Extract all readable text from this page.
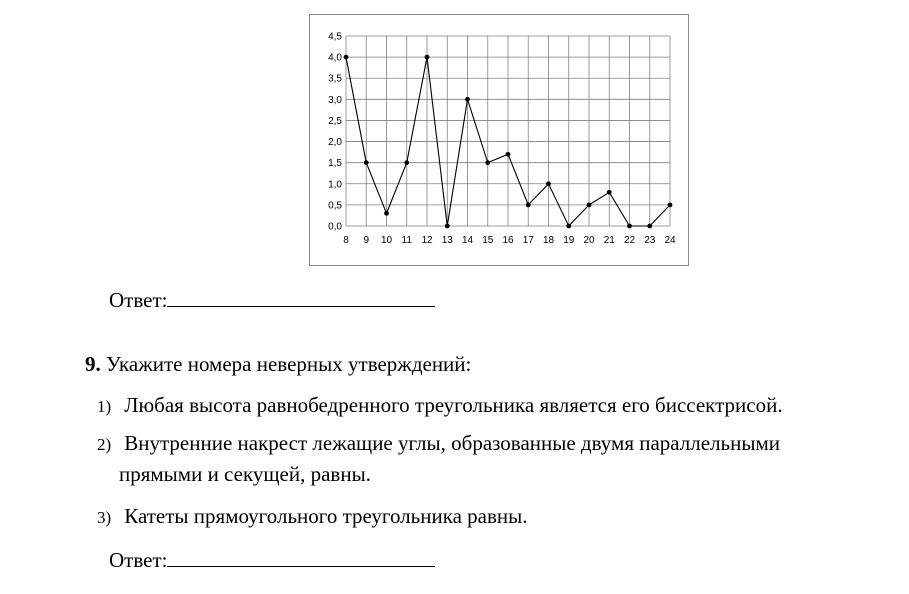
0,0
0,5
1,0
1,5
2,0
2,5
3,0
3,5
4,0
4,5
8 9 10 11 12 13 14 15 16 17 18 19 20 21 22 23 24
Ответ:
9. Укажите номера неверных утверждений:
1) Любая высота равнобедренного треугольника является его биссектрисой.
2) Внутренние накрест лежащие углы, образованные двумя параллельными
прямыми и секущей, равны.
3) Катеты прямоугольного треугольника равны.
Ответ:
